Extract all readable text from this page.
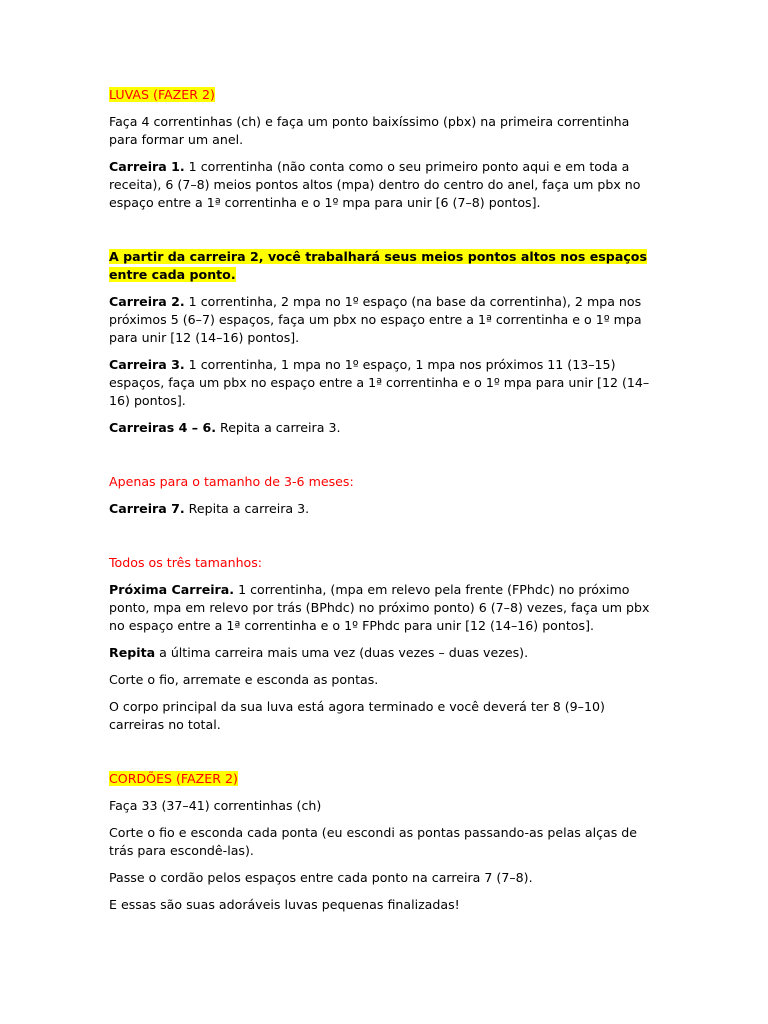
LUVAS (FAZER 2)

Faça 4 correntinhas (ch) e faça um ponto baixíssimo (pbx) na primeira correntinha para formar um anel.

Carreira 1. 1 correntinha (não conta como o seu primeiro ponto aqui e em toda a receita), 6 (7–8) meios pontos altos (mpa) dentro do centro do anel, faça um pbx no espaço entre a 1ª correntinha e o 1º mpa para unir [6 (7–8) pontos].

A partir da carreira 2, você trabalhará seus meios pontos altos nos espaços entre cada ponto.

Carreira 2. 1 correntinha, 2 mpa no 1º espaço (na base da correntinha), 2 mpa nos próximos 5 (6–7) espaços, faça um pbx no espaço entre a 1ª correntinha e o 1º mpa para unir [12 (14–16) pontos].

Carreira 3. 1 correntinha, 1 mpa no 1º espaço, 1 mpa nos próximos 11 (13–15) espaços, faça um pbx no espaço entre a 1ª correntinha e o 1º mpa para unir [12 (14–16) pontos].

Carreiras 4 – 6. Repita a carreira 3.

Apenas para o tamanho de 3-6 meses:

Carreira 7. Repita a carreira 3.

Todos os três tamanhos:

Próxima Carreira. 1 correntinha, (mpa em relevo pela frente (FPhdc) no próximo ponto, mpa em relevo por trás (BPhdc) no próximo ponto) 6 (7–8) vezes, faça um pbx no espaço entre a 1ª correntinha e o 1º FPhdc para unir [12 (14–16) pontos].

Repita a última carreira mais uma vez (duas vezes – duas vezes).

Corte o fio, arremate e esconda as pontas.

O corpo principal da sua luva está agora terminado e você deverá ter 8 (9–10) carreiras no total.

CORDÕES (FAZER 2)

Faça 33 (37–41) correntinhas (ch)

Corte o fio e esconda cada ponta (eu escondi as pontas passando-as pelas alças de trás para escondê-las).

Passe o cordão pelos espaços entre cada ponto na carreira 7 (7–8).

E essas são suas adoráveis luvas pequenas finalizadas!
